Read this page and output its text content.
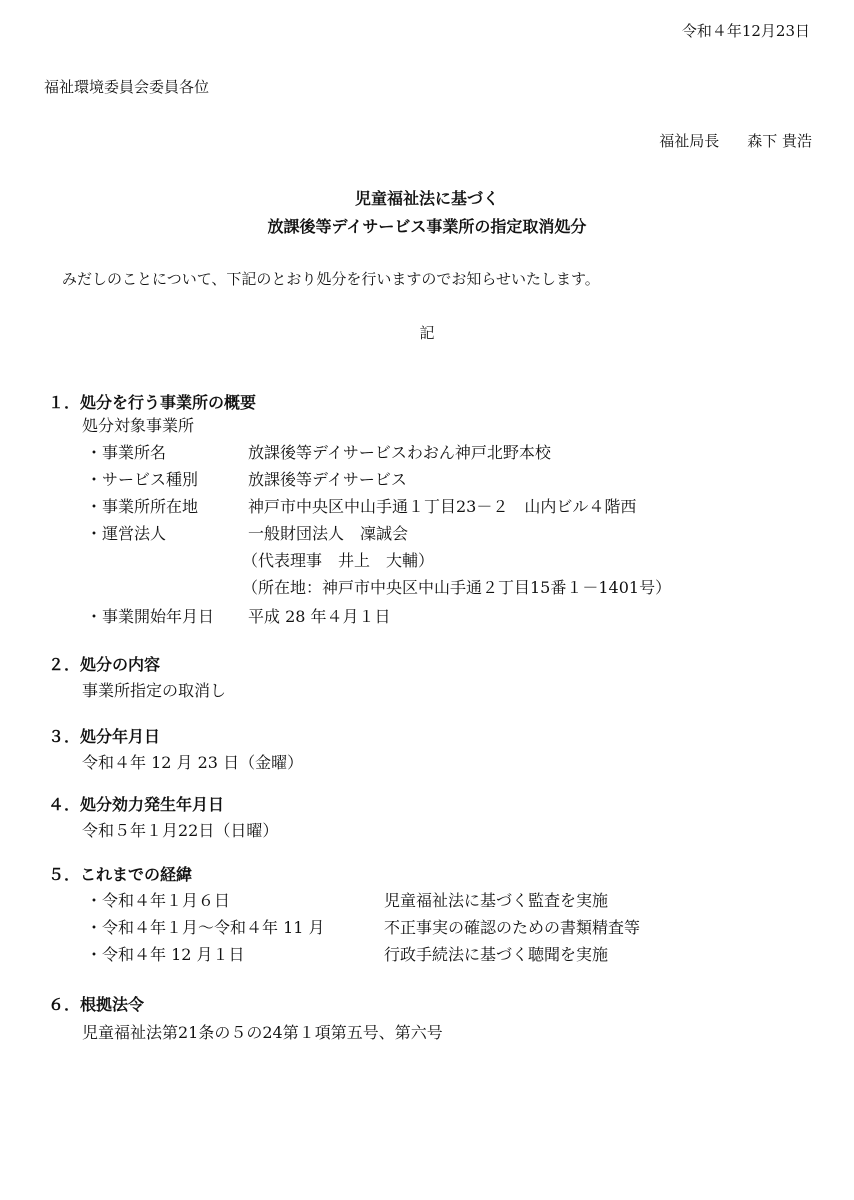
令和４年12月23日
福祉環境委員会委員各位
福祉局長 森下 貴浩
児童福祉法に基づく
放課後等デイサービス事業所の指定取消処分
みだしのことについて、下記のとおり処分を行いますのでお知らせいたします。
記
１．処分を行う事業所の概要
処分対象事業所
・事業所名	放課後等デイサービスわおん神戸北野本校
・サービス種別	放課後等デイサービス
・事業所所在地	神戸市中央区中山手通１丁目23－２　山内ビル４階西
・運営法人	一般財団法人　凜誠会
（代表理事　井上　大輔）
（所在地：神戸市中央区中山手通２丁目15番１－1401号）
・事業開始年月日 平成 28 年４月１日
２．処分の内容
事業所指定の取消し
３．処分年月日
令和４年 12 月 23 日（金曜）
４．処分効力発生年月日
令和５年１月22日（日曜）
５．これまでの経緯
・令和４年１月６日	児童福祉法に基づく監査を実施
・令和４年１月～令和４年 11 月	不正事実の確認のための書類精査等
・令和４年 12 月１日	行政手続法に基づく聴聞を実施
６．根拠法令
児童福祉法第21条の５の24第１項第五号、第六号
